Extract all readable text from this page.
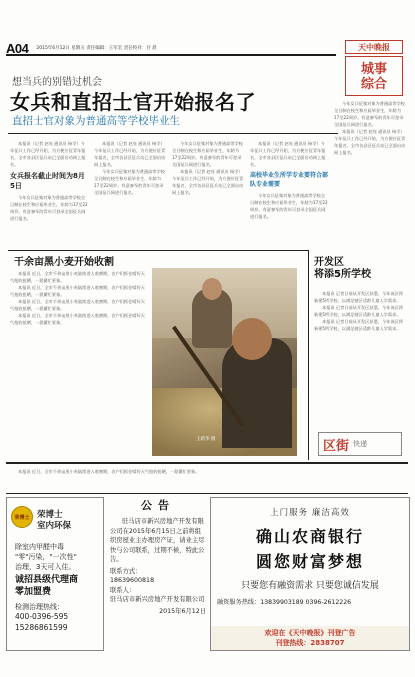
A04 2015年6月12日 星期五 责任编辑：王军宏 责任校对：甘 晨	天中晚报
城事
综合
想当兵的别错过机会
女兵和直招士官开始报名了
直招士官对象为普通高等学校毕业生

本报讯（记者 赵亮 通讯员 杨学）今年征兵工作已经开始，为方便应征青年报名，全市各县区征兵站已全面启动网上报名。

女兵报名截止时间为8月5日

今年女兵征集对象为普通高等学校全日制在校生和应届毕业生，年龄为17至22周岁。有意参军的青年可登录全国征兵网进行报名。

本报讯（记者 赵亮 通讯员 杨学）今年征兵工作已经开始，为方便应征青年报名，全市各县区征兵站已全面启动网上报名。

今年女兵征集对象为普通高等学校全日制在校生和应届毕业生，年龄为17至22周岁。有意参军的青年可登录全国征兵网进行报名。

今年女兵征集对象为普通高等学校全日制在校生和应届毕业生，年龄为17至22周岁。有意参军的青年可登录全国征兵网进行报名。

本报讯（记者 赵亮 通讯员 杨学）今年征兵工作已经开始，为方便应征青年报名，全市各县区征兵站已全面启动网上报名。

本报讯（记者 赵亮 通讯员 杨学）今年征兵工作已经开始，为方便应征青年报名，全市各县区征兵站已全面启动网上报名。

高校毕业生所学专业要符合部队专业需要

今年女兵征集对象为普通高等学校全日制在校生和应届毕业生，年龄为17至22周岁。有意参军的青年可登录全国征兵网进行报名。

今年女兵征集对象为普通高等学校全日制在校生和应届毕业生，年龄为17至22周岁。有意参军的青年可登录全国征兵网进行报名。

本报讯（记者 赵亮 通讯员 杨学）今年征兵工作已经开始，为方便应征青年报名，全市各县区征兵站已全面启动网上报名。

干余亩黑小麦开始收割

本报讯 近日，全市千余亩黑小麦陆续进入收割期，农户们抓住晴好天气抢收抢晒，一派繁忙景象。

本报讯 近日，全市千余亩黑小麦陆续进入收割期，农户们抓住晴好天气抢收抢晒，一派繁忙景象。

本报讯 近日，全市千余亩黑小麦陆续进入收割期，农户们抓住晴好天气抢收抢晒，一派繁忙景象。

本报讯 近日，全市千余亩黑小麦陆续进入收割期，农户们抓住晴好天气抢收抢晒，一派繁忙景象。

王新华 摄
开发区
将添5所学校

本报讯 记者日前从开发区获悉，今年该区将新建5所学校，以满足辖区适龄儿童入学需求。

本报讯 记者日前从开发区获悉，今年该区将新建5所学校，以满足辖区适龄儿童入学需求。

本报讯 记者日前从开发区获悉，今年该区将新建5所学校，以满足辖区适龄儿童入学需求。

区街 快递

本报讯 近日，全市千余亩黑小麦陆续进入收割期，农户们抓住晴好天气抢收抢晒，一派繁忙景象。

荣博士 荣博士
室内环保
除室内甲醛中毒
"零"污染，"一次性"
治理，3天可入住。
诚招县级代理商
零加盟费
检测治理热线：
400-0396-595
15286861599
公告
驻马店市新兴房地产开发有限公司在2015年6月15日之前将组织房屋业主办理房产证，请业主尽快与公司联系，过期不候，特此公告。
联系方式：
18639600818
联系人：
驻马店市新兴房地产开发有限公司
2015年6月12日
上门服务 廉洁高效
确山农商银行
圆您财富梦想
只要您有融资需求 只要您诚信发展
融资服务热线：13839903189 0396-2612226
欢迎在《天中晚报》刊登广告
刊登热线：2838707
